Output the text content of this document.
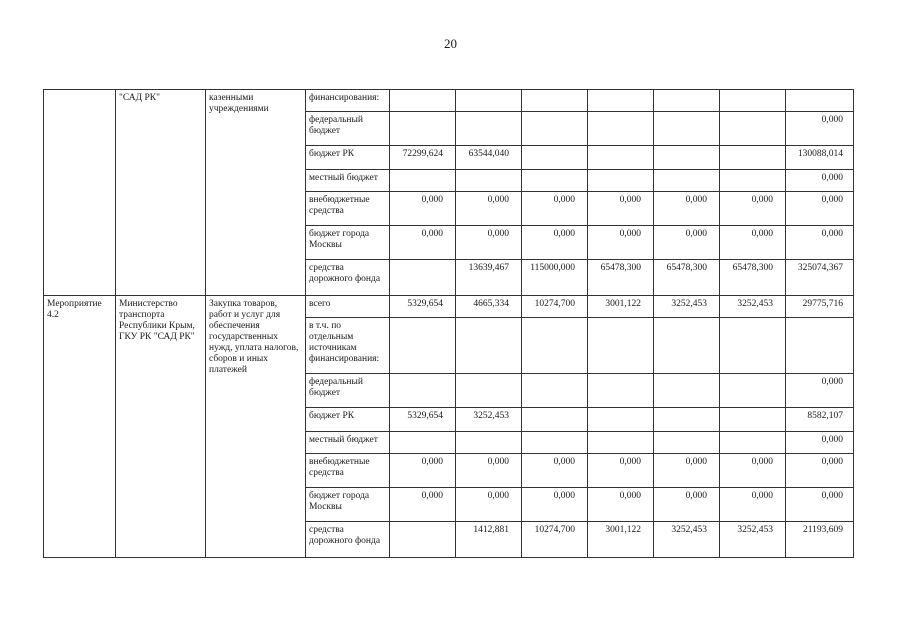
20
	"САД РК"	казенными учреждениями	финансирования:							
			федеральный бюджет							0,000
			бюджет РК	72299,624	63544,040					130088,014
			местный бюджет							0,000
			внебюджетные средства	0,000	0,000	0,000	0,000	0,000	0,000	0,000
			бюджет города Москвы	0,000	0,000	0,000	0,000	0,000	0,000	0,000
			средства дорожного фонда		13639,467	115000,000	65478,300	65478,300	65478,300	325074,367
Мероприятие 4.2	Министерство транспорта Республики Крым, ГКУ РК "САД РК"	Закупка товаров, работ и услуг для обеспечения государственных нужд, уплата налогов, сборов и иных платежей	всего	5329,654	4665,334	10274,700	3001,122	3252,453	3252,453	29775,716
			в т.ч. по отдельным источникам финансирования:							
			федеральный бюджет							0,000
			бюджет РК	5329,654	3252,453					8582,107
			местный бюджет							0,000
			внебюджетные средства	0,000	0,000	0,000	0,000	0,000	0,000	0,000
			бюджет города Москвы	0,000	0,000	0,000	0,000	0,000	0,000	0,000
			средства дорожного фонда		1412,881	10274,700	3001,122	3252,453	3252,453	21193,609
